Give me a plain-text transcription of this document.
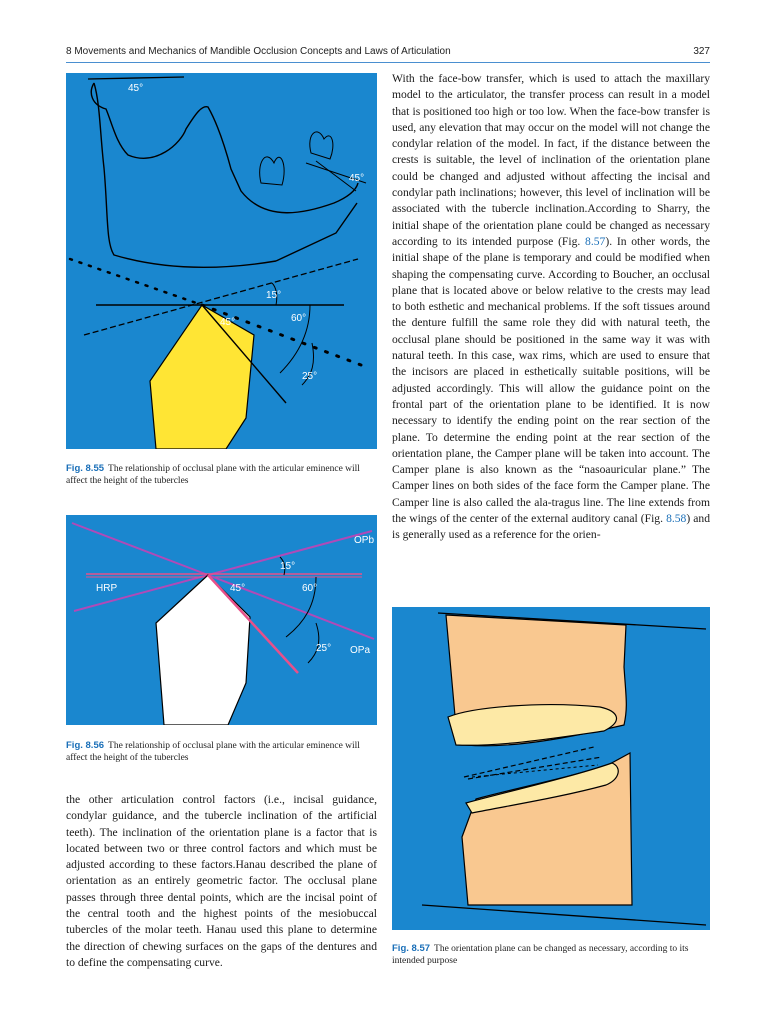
8 Movements and Mechanics of Mandible Occlusion Concepts and Laws of Articulation	327
45°
45°
15°
45°	60°
25°
Fig. 8.55 The relationship of occlusal plane with the articular eminence will affect the height of the tubercles
OPb
HRP
OPa
15°
45°	60°
25°
Fig. 8.56 The relationship of occlusal plane with the articular eminence will affect the height of the tubercles
Fig. 8.57 The orientation plane can be changed as necessary, according to its intended purpose

With the face-bow transfer, which is used to attach the maxillary model to the articulator, the transfer process can result in a model that is positioned too high or too low. When the face-bow transfer is used, any elevation that may occur on the model will not change the condylar relation of the model. In fact, if the distance between the crests is suitable, the level of inclination of the orientation plane could be changed and adjusted without affecting the incisal and condylar path inclinations; however, this level of inclination will be associated with the tubercle inclination.According to Sharry, the initial shape of the orientation plane could be changed as necessary according to its intended purpose (Fig. 8.57). In other words, the initial shape of the plane is temporary and could be modified when shaping the compensating curve. According to Boucher, an occlusal plane that is located above or below relative to the crests may lead to both esthetic and mechanical problems. If the soft tissues around the denture fulfill the same role they did with natural teeth, the occlusal plane should be positioned in the same way it was with natural teeth. In this case, wax rims, which are used to ensure that the incisors are placed in esthetically suitable positions, will be adjusted accordingly. This will allow the guidance point on the frontal part of the orientation plane to be identified. It is now necessary to identify the ending point on the rear section of the plane. To determine the ending point at the rear section of the orientation plane, the Camper plane will be taken into account. The Camper plane is also known as the “nasoauricular plane.” The Camper lines on both sides of the face form the Camper plane. The Camper line is also called the ala-tragus line. The line extends from the wings of the center of the external auditory canal (Fig. 8.58) and is generally used as a reference for the orien-

the other articulation control factors (i.e., incisal guidance, condylar guidance, and the tubercle inclination of the artificial teeth). The inclination of the orientation plane is a factor that is located between two or three control factors and which must be adjusted according to these factors.Hanau described the plane of orientation as an entirely geometric factor. The occlusal plane passes through three dental points, which are the incisal point of the central tooth and the highest points of the mesiobuccal tubercles of the molar teeth. Hanau used this plane to determine the direction of chewing surfaces on the gaps of the dentures and to define the compensating curve.
